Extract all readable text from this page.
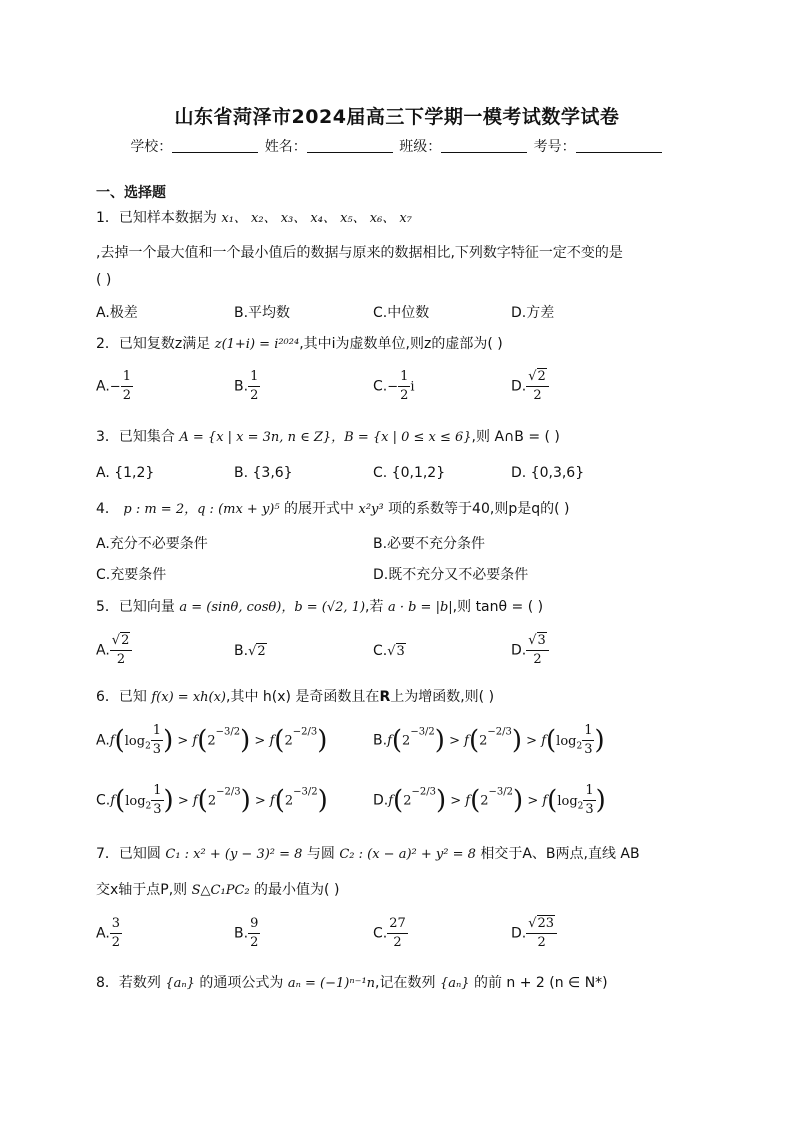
山东省菏泽市2024届高三下学期一模考试数学试卷
学校：	姓名：	班级：	考号：
一、选择题
1．已知样本数据为 x₁、 x₂、 x₃、 x₄、 x₅、 x₆、 x₇
,去掉一个最大值和一个最小值后的数据与原来的数据相比,下列数字特征一定不变的是
( )
A.极差	B.平均数	C.中位数	D.方差
2．已知复数z满足 z(1+i) = i²⁰²⁴,其中i为虚数单位,则z的虚部为( )
$A.- \frac{1}{2}$	B. $\frac{1}{2}$	$C.- \frac{1}{2}$ i	D. $\frac{√2}{2}$
3．已知集合 A = {x | x = 3n, n ∈ Z}，B = {x | 0 ≤ x ≤ 6},则 A∩B = ( )
A. {1,2}	B. {3,6}	C. {0,1,2}	D. {0,3,6}
4． p : m = 2，q : (mx + y)⁵ 的展开式中 x²y³ 项的系数等于40,则p是q的( )
A.充分不必要条件	B.必要不充分条件
C.充要条件	D.既不充分又不必要条件
5．已知向量 a = (sinθ, cosθ)，b = (√2, 1),若 a · b = |b|,则 tanθ = ( )
A. $\frac{√2}{2}$	B.√2	C.√3	D. $\frac{√3}{2}$
6．已知 f(x) = xh(x),其中 h(x) 是奇函数且在R上为增函数,则( )
$A.f(\log_2 \frac{1}{3}$ ) > $f(2^{-3/2}) > f(2^{-2/3})$	$B.f(2^{-3/2}) > f(2^{-2/3}) > f(\log_2 \frac{1}{3}$ )
$C.f(\log_2 \frac{1}{3}$ ) > $f(2^{-2/3}) > f(2^{-3/2})$	$D.f(2^{-2/3}) > f(2^{-3/2}) > f(\log_2 \frac{1}{3}$ )
7．已知圆 C₁ : x² + (y − 3)² = 8 与圆 C₂ : (x − a)² + y² = 8 相交于A、B两点,直线 AB
交x轴于点P,则 S△C₁PC₂ 的最小值为( )
A. $\frac{3}{2}$	B. $\frac{9}{2}$	C. $\frac{27}{2}$	D. $\frac{√23}{2}$
8．若数列 {aₙ} 的通项公式为 aₙ = (−1)ⁿ⁻¹n,记在数列 {aₙ} 的前 n + 2 (n ∈ N*)
